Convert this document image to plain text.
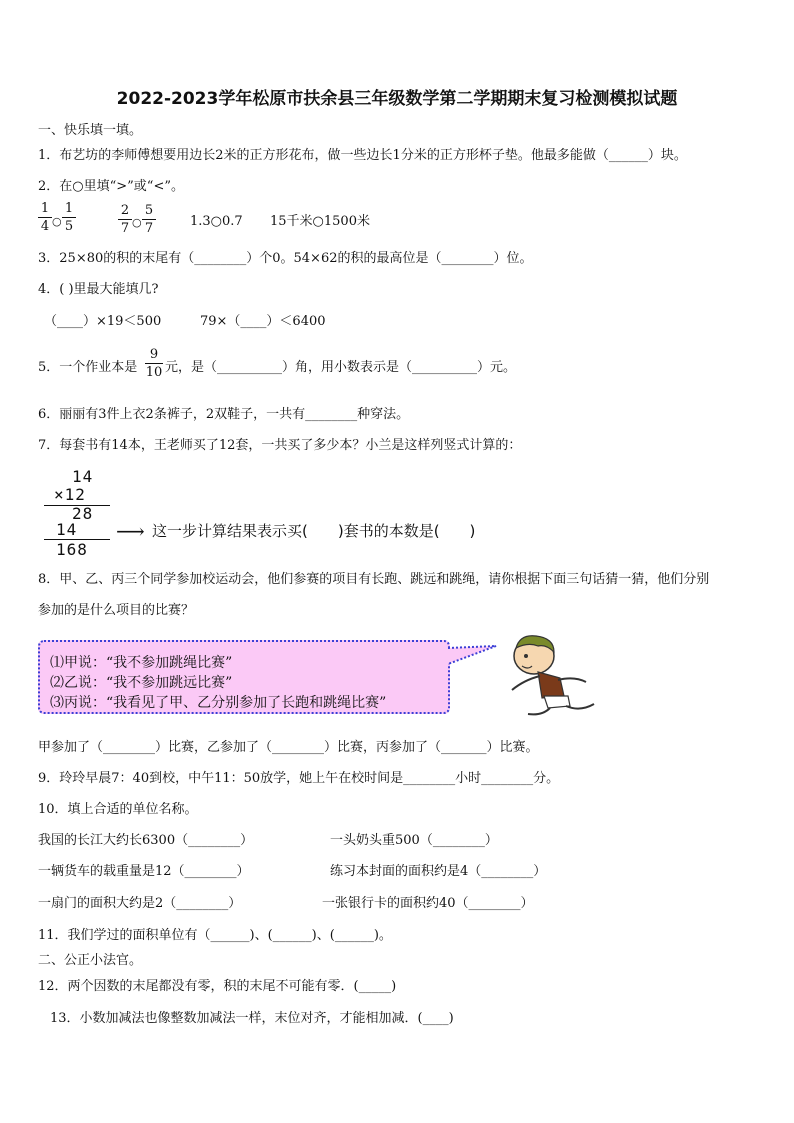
2022-2023学年松原市扶余县三年级数学第二学期期末复习检测模拟试题
一、快乐填一填。
1．布艺坊的李师傅想要用边长2米的正方形花布，做一些边长1分米的正方形杯子垫。他最多能做（______）块。
2．在○里填“>”或“<”。
1
4 ○
1
5
2
7 ○
5
7	1.3○0.7 15千米○1500米
3．25×80的积的末尾有（________）个0。54×62的积的最高位是（________）位。
4．( )里最大能填几?
（____）×19＜500	79×（____）＜6400
5．一个作业本是
9
10 元，是（__________）角，用小数表示是（__________）元。
6．丽丽有3件上衣2条裤子，2双鞋子，一共有________种穿法。
7．每套书有14本，王老师买了12套，一共买了多少本？小兰是这样列竖式计算的：
14
×12
28
14
168
⟶ 这一步计算结果表示买(　　)套书的本数是(　　)
8．甲、乙、丙三个同学参加校运动会，他们参赛的项目有长跑、跳远和跳绳，请你根据下面三句话猜一猜，他们分别
参加的是什么项目的比赛？
⑴甲说：“我不参加跳绳比赛”
⑵乙说：“我不参加跳远比赛”
⑶丙说：“我看见了甲、乙分别参加了长跑和跳绳比赛”
甲参加了（________）比赛，乙参加了（________）比赛，丙参加了（_______）比赛。
9．玲玲早晨7：40到校，中午11：50放学，她上午在校时间是________小时________分。
10．填上合适的单位名称。
我国的长江大约长6300（________）	一头奶头重500（________）
一辆货车的载重量是12（________）	练习本封面的面积约是4（________）
一扇门的面积大约是2（________）	一张银行卡的面积约40（________）
11．我们学过的面积单位有（______)、(______)、(______)。
二、公正小法官。
12．两个因数的末尾都没有零，积的末尾不可能有零．(_____)
13．小数加减法也像整数加减法一样，末位对齐，才能相加减．(____)
